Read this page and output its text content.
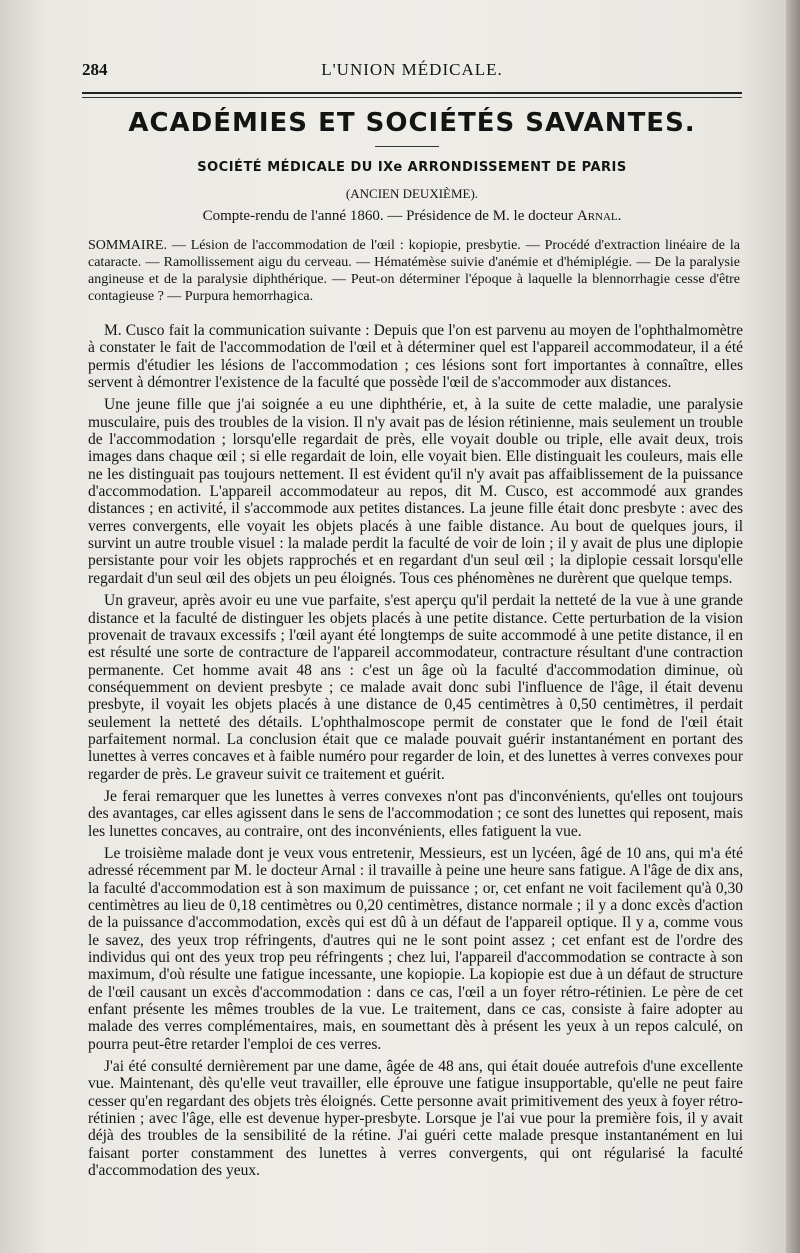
284	L'UNION MÉDICALE.
ACADÉMIES ET SOCIÉTÉS SAVANTES.
SOCIÉTÉ MÉDICALE DU IXe ARRONDISSEMENT DE PARIS
(ANCIEN DEUXIÈME).
Compte-rendu de l'anné 1860. — Présidence de M. le docteur Arnal.
SOMMAIRE. — Lésion de l'accommodation de l'œil : kopiopie, presbytie. — Procédé d'extraction linéaire de la cataracte. — Ramollissement aigu du cerveau. — Hématémèse suivie d'anémie et d'hémiplégie. — De la paralysie angineuse et de la paralysie diphthérique. — Peut-on déterminer l'époque à laquelle la blennorrhagie cesse d'être contagieuse ? — Purpura hemorrhagica.

M. Cusco fait la communication suivante : Depuis que l'on est parvenu au moyen de l'ophthalmomètre à constater le fait de l'accommodation de l'œil et à déterminer quel est l'appareil accommodateur, il a été permis d'étudier les lésions de l'accommodation ; ces lésions sont fort importantes à connaître, elles servent à démontrer l'existence de la faculté que possède l'œil de s'accommoder aux distances.

Une jeune fille que j'ai soignée a eu une diphthérie, et, à la suite de cette maladie, une paralysie musculaire, puis des troubles de la vision. Il n'y avait pas de lésion rétinienne, mais seulement un trouble de l'accommodation ; lorsqu'elle regardait de près, elle voyait double ou triple, elle avait deux, trois images dans chaque œil ; si elle regardait de loin, elle voyait bien. Elle distinguait les couleurs, mais elle ne les distinguait pas toujours nettement. Il est évident qu'il n'y avait pas affaiblissement de la puissance d'accommodation. L'appareil accommodateur au repos, dit M. Cusco, est accommodé aux grandes distances ; en activité, il s'accommode aux petites distances. La jeune fille était donc presbyte : avec des verres convergents, elle voyait les objets placés à une faible distance. Au bout de quelques jours, il survint un autre trouble visuel : la malade perdit la faculté de voir de loin ; il y avait de plus une diplopie persistante pour voir les objets rapprochés et en regardant d'un seul œil ; la diplopie cessait lorsqu'elle regardait d'un seul œil des objets un peu éloignés. Tous ces phénomènes ne durèrent que quelque temps.

Un graveur, après avoir eu une vue parfaite, s'est aperçu qu'il perdait la netteté de la vue à une grande distance et la faculté de distinguer les objets placés à une petite distance. Cette perturbation de la vision provenait de travaux excessifs ; l'œil ayant été longtemps de suite accommodé à une petite distance, il en est résulté une sorte de contracture de l'appareil accommodateur, contracture résultant d'une contraction permanente. Cet homme avait 48 ans : c'est un âge où la faculté d'accommodation diminue, où conséquemment on devient presbyte ; ce malade avait donc subi l'influence de l'âge, il était devenu presbyte, il voyait les objets placés à une distance de 0,45 centimètres à 0,50 centimètres, il perdait seulement la netteté des détails. L'ophthalmoscope permit de constater que le fond de l'œil était parfaitement normal. La conclusion était que ce malade pouvait guérir instantanément en portant des lunettes à verres concaves et à faible numéro pour regarder de loin, et des lunettes à verres convexes pour regarder de près. Le graveur suivit ce traitement et guérit.

Je ferai remarquer que les lunettes à verres convexes n'ont pas d'inconvénients, qu'elles ont toujours des avantages, car elles agissent dans le sens de l'accommodation ; ce sont des lunettes qui reposent, mais les lunettes concaves, au contraire, ont des inconvénients, elles fatiguent la vue.

Le troisième malade dont je veux vous entretenir, Messieurs, est un lycéen, âgé de 10 ans, qui m'a été adressé récemment par M. le docteur Arnal : il travaille à peine une heure sans fatigue. A l'âge de dix ans, la faculté d'accommodation est à son maximum de puissance ; or, cet enfant ne voit facilement qu'à 0,30 centimètres au lieu de 0,18 centimètres ou 0,20 centimètres, distance normale ; il y a donc excès d'action de la puissance d'accommodation, excès qui est dû à un défaut de l'appareil optique. Il y a, comme vous le savez, des yeux trop réfringents, d'autres qui ne le sont point assez ; cet enfant est de l'ordre des individus qui ont des yeux trop peu réfringents ; chez lui, l'appareil d'accommodation se contracte à son maximum, d'où résulte une fatigue incessante, une kopiopie. La kopiopie est due à un défaut de structure de l'œil causant un excès d'accommodation : dans ce cas, l'œil a un foyer rétro-rétinien. Le père de cet enfant présente les mêmes troubles de la vue. Le traitement, dans ce cas, consiste à faire adopter au malade des verres complémentaires, mais, en soumettant dès à présent les yeux à un repos calculé, on pourra peut-être retarder l'emploi de ces verres.

J'ai été consulté dernièrement par une dame, âgée de 48 ans, qui était douée autrefois d'une excellente vue. Maintenant, dès qu'elle veut travailler, elle éprouve une fatigue insupportable, qu'elle ne peut faire cesser qu'en regardant des objets très éloignés. Cette personne avait primitivement des yeux à foyer rétro-rétinien ; avec l'âge, elle est devenue hyper-presbyte. Lorsque je l'ai vue pour la première fois, il y avait déjà des troubles de la sensibilité de la rétine. J'ai guéri cette malade presque instantanément en lui faisant porter constamment des lunettes à verres convergents, qui ont régularisé la faculté d'accommodation des yeux.
